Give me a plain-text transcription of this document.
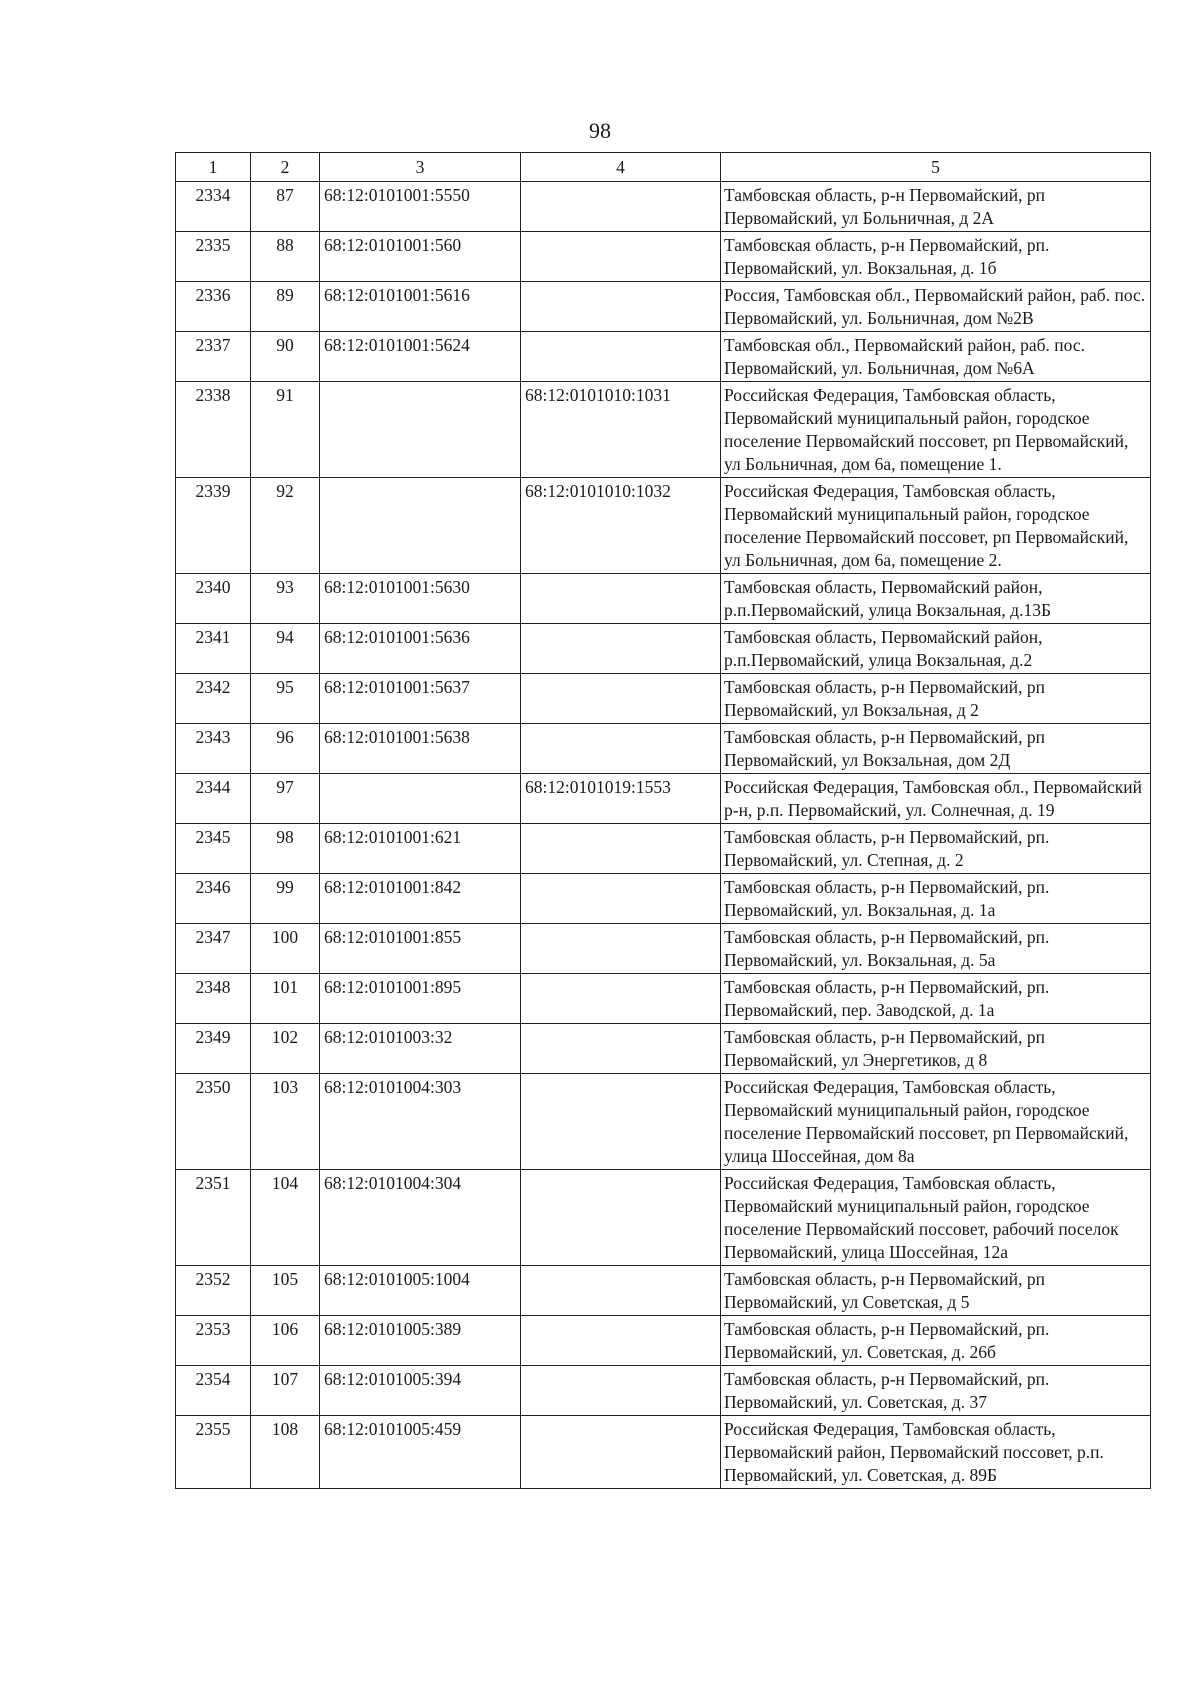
98
1	2	3	4	5
2334	87	68:12:0101001:5550		Тамбовская область, р-н Первомайский, рп Первомайский, ул Больничная, д 2А
2335	88	68:12:0101001:560		Тамбовская область, р-н Первомайский, рп. Первомайский, ул. Вокзальная, д. 1б
2336	89	68:12:0101001:5616		Россия, Тамбовская обл., Первомайский район, раб. пос. Первомайский, ул. Больничная, дом №2В
2337	90	68:12:0101001:5624		Тамбовская обл., Первомайский район, раб. пос. Первомайский, ул. Больничная, дом №6А
2338	91		68:12:0101010:1031	Российская Федерация, Тамбовская область, Первомайский муниципальный район, городское поселение Первомайский поссовет, рп Первомайский, ул Больничная, дом 6а, помещение 1.
2339	92		68:12:0101010:1032	Российская Федерация, Тамбовская область, Первомайский муниципальный район, городское поселение Первомайский поссовет, рп Первомайский, ул Больничная, дом 6а, помещение 2.
2340	93	68:12:0101001:5630		Тамбовская область, Первомайский район, р.п.Первомайский, улица Вокзальная, д.13Б
2341	94	68:12:0101001:5636		Тамбовская область, Первомайский район, р.п.Первомайский, улица Вокзальная, д.2
2342	95	68:12:0101001:5637		Тамбовская область, р-н Первомайский, рп Первомайский, ул Вокзальная, д 2
2343	96	68:12:0101001:5638		Тамбовская область, р-н Первомайский, рп Первомайский, ул Вокзальная, дом 2Д
2344	97		68:12:0101019:1553	Российская Федерация, Тамбовская обл., Первомайский р-н, р.п. Первомайский, ул. Солнечная, д. 19
2345	98	68:12:0101001:621		Тамбовская область, р-н Первомайский, рп. Первомайский, ул. Степная, д. 2
2346	99	68:12:0101001:842		Тамбовская область, р-н Первомайский, рп. Первомайский, ул. Вокзальная, д. 1а
2347	100	68:12:0101001:855		Тамбовская область, р-н Первомайский, рп. Первомайский, ул. Вокзальная, д. 5а
2348	101	68:12:0101001:895		Тамбовская область, р-н Первомайский, рп. Первомайский, пер. Заводской, д. 1а
2349	102	68:12:0101003:32		Тамбовская область, р-н Первомайский, рп Первомайский, ул Энергетиков, д 8
2350	103	68:12:0101004:303		Российская Федерация, Тамбовская область, Первомайский муниципальный район, городское поселение Первомайский поссовет, рп Первомайский, улица Шоссейная, дом 8а
2351	104	68:12:0101004:304		Российская Федерация, Тамбовская область, Первомайский муниципальный район, городское поселение Первомайский поссовет, рабочий поселок Первомайский, улица Шоссейная, 12а
2352	105	68:12:0101005:1004		Тамбовская область, р-н Первомайский, рп Первомайский, ул Советская, д 5
2353	106	68:12:0101005:389		Тамбовская область, р-н Первомайский, рп. Первомайский, ул. Советская, д. 26б
2354	107	68:12:0101005:394		Тамбовская область, р-н Первомайский, рп. Первомайский, ул. Советская, д. 37
2355	108	68:12:0101005:459		Российская Федерация, Тамбовская область, Первомайский район, Первомайский поссовет, р.п. Первомайский, ул. Советская, д. 89Б
